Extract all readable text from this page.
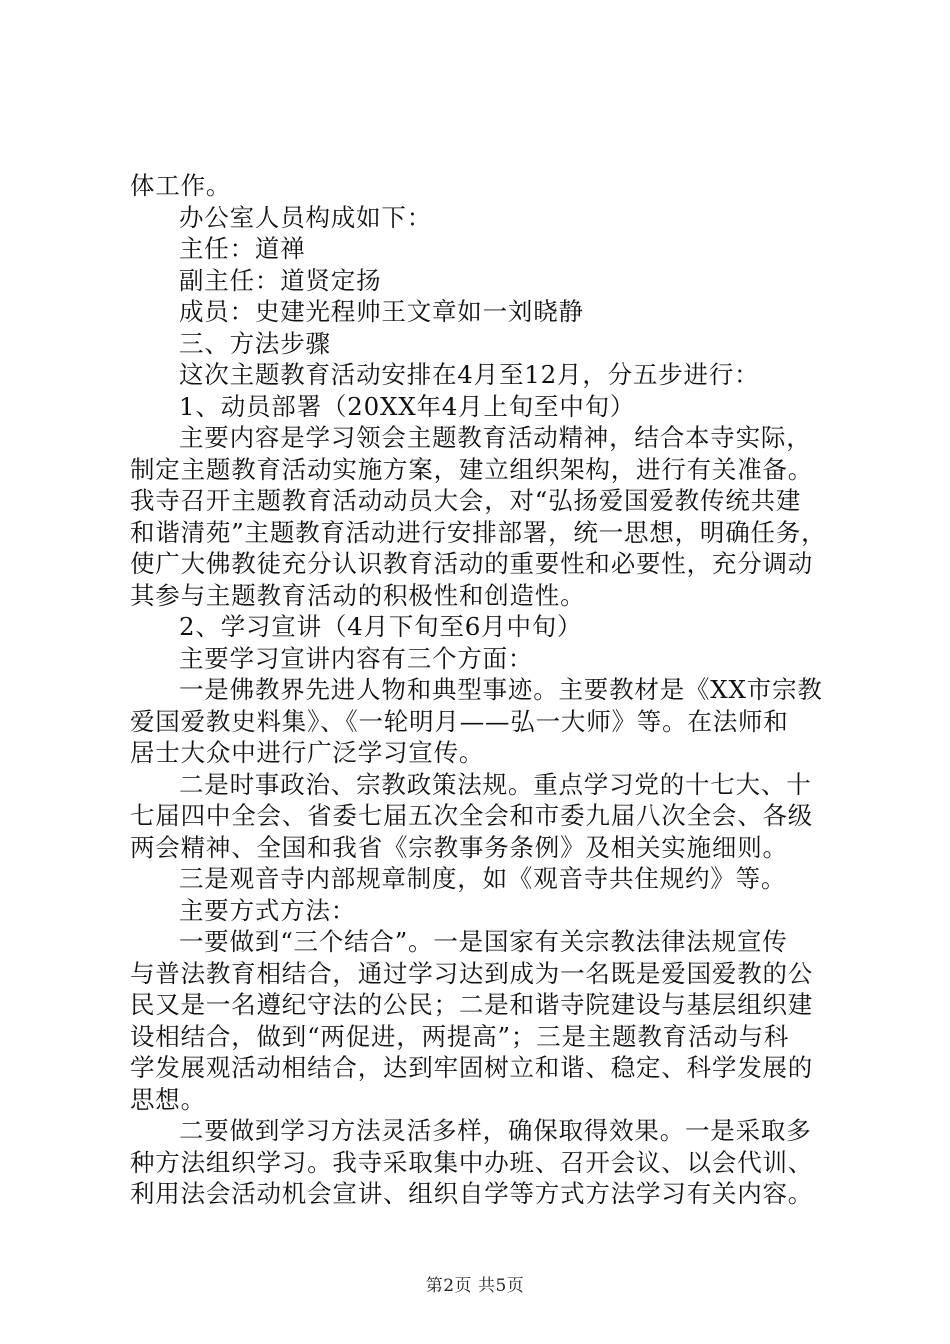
体工作。
办公室人员构成如下：
主任：道禅
副主任：道贤定扬
成员：史建光程帅王文章如一刘晓静
三、方法步骤
这次主题教育活动安排在4月至12月，分五步进行：
1、动员部署（20XX年4月上旬至中旬）
主要内容是学习领会主题教育活动精神，结合本寺实际，
制定主题教育活动实施方案，建立组织架构，进行有关准备。
我寺召开主题教育活动动员大会，对“弘扬爱国爱教传统共建
和谐清苑”主题教育活动进行安排部署，统一思想，明确任务，
使广大佛教徒充分认识教育活动的重要性和必要性，充分调动
其参与主题教育活动的积极性和创造性。
2、学习宣讲（4月下旬至6月中旬）
主要学习宣讲内容有三个方面：
一是佛教界先进人物和典型事迹。主要教材是《XX市宗教
爱国爱教史料集》、《一轮明月——弘一大师》等。在法师和
居士大众中进行广泛学习宣传。
二是时事政治、宗教政策法规。重点学习党的十七大、十
七届四中全会、省委七届五次全会和市委九届八次全会、各级
两会精神、全国和我省《宗教事务条例》及相关实施细则。
三是观音寺内部规章制度，如《观音寺共住规约》等。
主要方式方法：
一要做到“三个结合”。一是国家有关宗教法律法规宣传
与普法教育相结合，通过学习达到成为一名既是爱国爱教的公
民又是一名遵纪守法的公民；二是和谐寺院建设与基层组织建
设相结合，做到“两促进，两提高”；三是主题教育活动与科
学发展观活动相结合，达到牢固树立和谐、稳定、科学发展的
思想。
二要做到学习方法灵活多样，确保取得效果。一是采取多
种方法组织学习。我寺采取集中办班、召开会议、以会代训、
利用法会活动机会宣讲、组织自学等方式方法学习有关内容。
第2页 共5页
